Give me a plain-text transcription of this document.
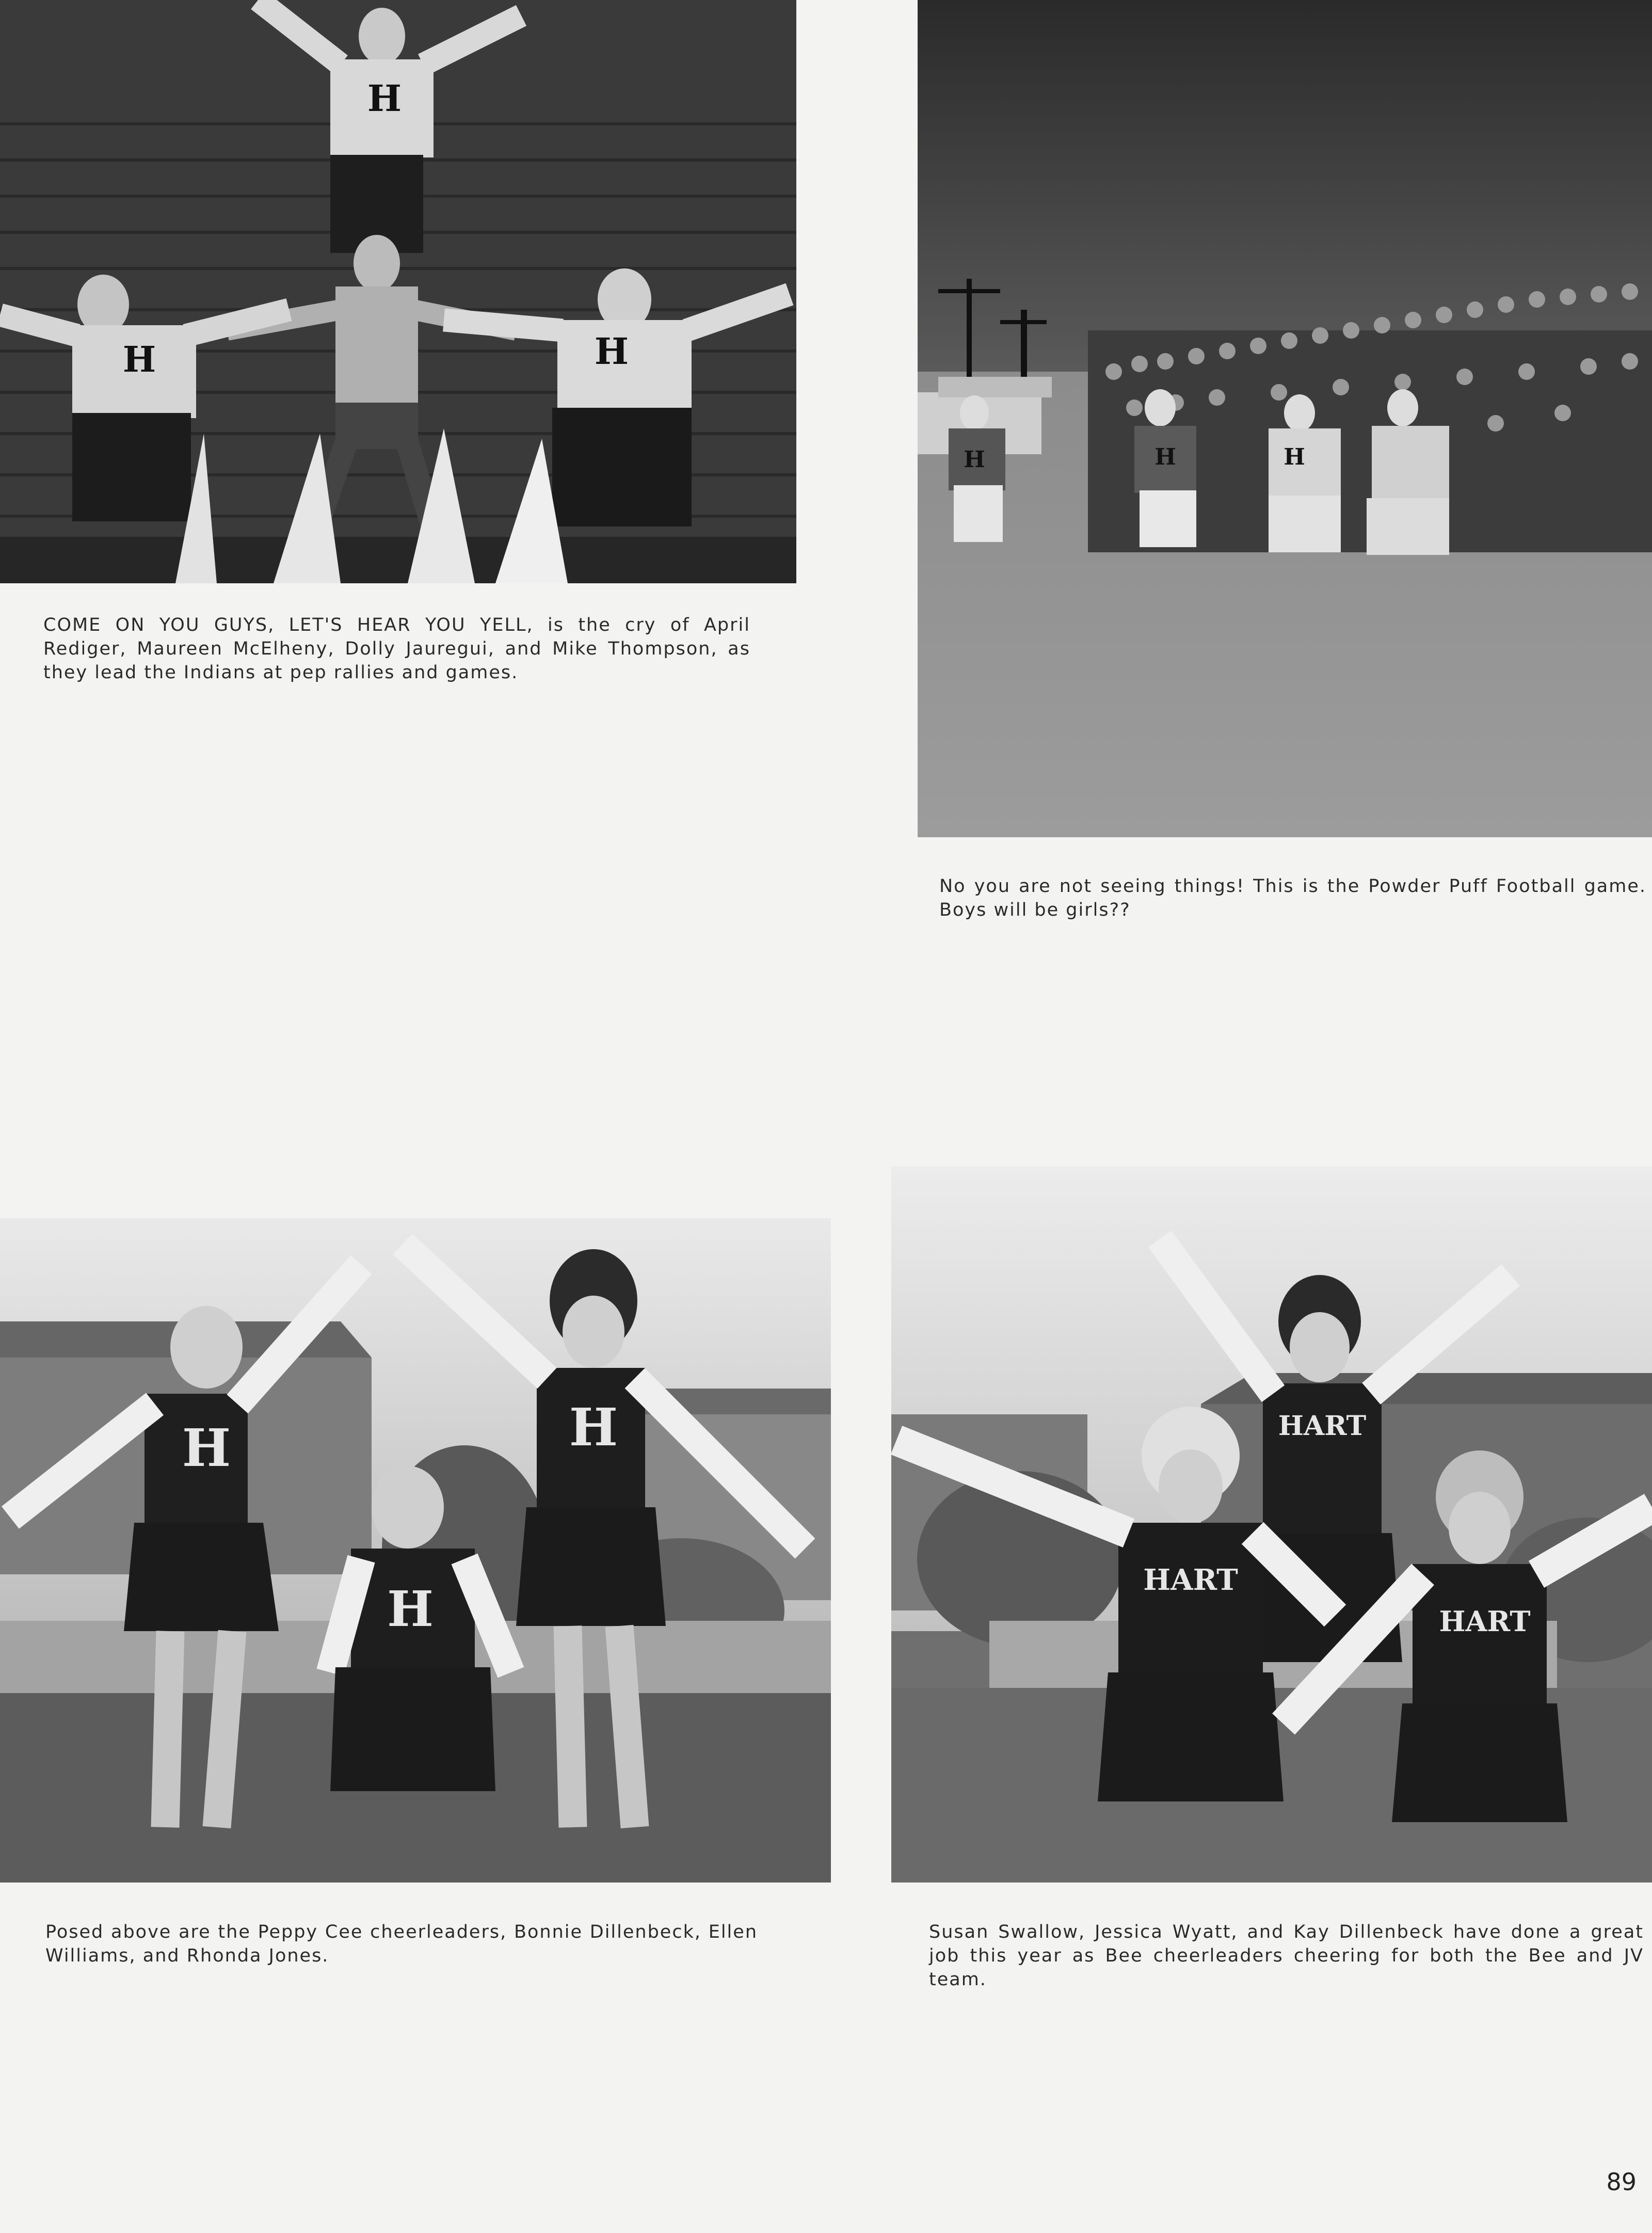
H
H	H
COME ON YOU GUYS, LET'S HEAR YOU YELL, is the cry of April Rediger, Maureen McElheny, Dolly Jauregui, and Mike Thompson, as they lead the Indians at pep rallies and games.
H	H	H
No you are not seeing things! This is the Powder Puff Football game. Boys will be girls??
H
H
H
Posed above are the Peppy Cee cheerleaders, Bonnie Dillenbeck, Ellen Williams, and Rhonda Jones.
HART
HART
HART
Susan Swallow, Jessica Wyatt, and Kay Dillenbeck have done a great job this year as Bee cheerleaders cheering for both the Bee and JV team.
89
